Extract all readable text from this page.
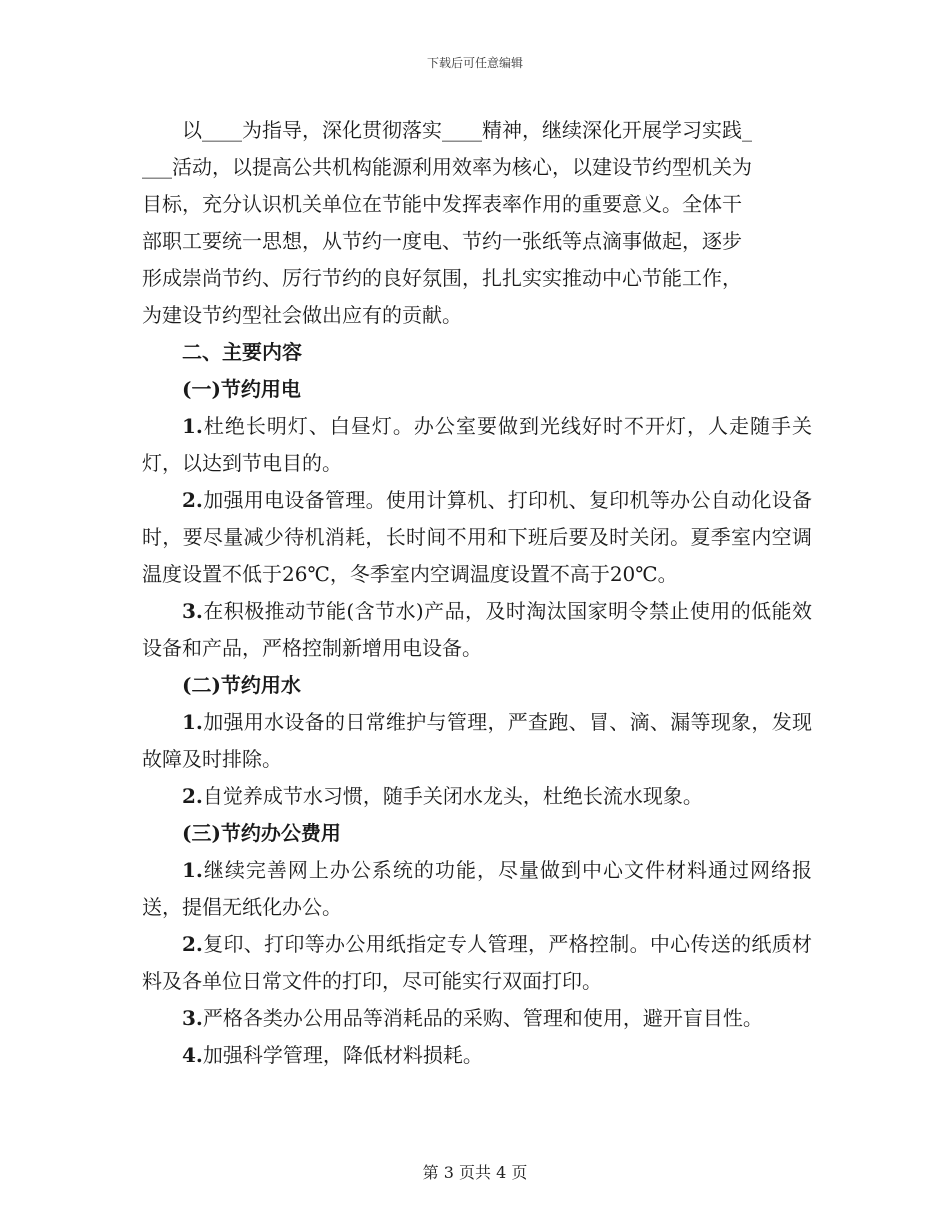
下载后可任意编辑

以____为指导，深化贯彻落实____精神，继续深化开展学习实践_

___活动，以提高公共机构能源利用效率为核心，以建设节约型机关为

目标，充分认识机关单位在节能中发挥表率作用的重要意义。全体干

部职工要统一思想，从节约一度电、节约一张纸等点滴事做起，逐步

形成崇尚节约、厉行节约的良好氛围，扎扎实实推动中心节能工作，

为建设节约型社会做出应有的贡献。

二、主要内容

(一)节约用电

1.杜绝长明灯、白昼灯。办公室要做到光线好时不开灯，人走随手关灯，以达到节电目的。

2.加强用电设备管理。使用计算机、打印机、复印机等办公自动化设备时，要尽量减少待机消耗，长时间不用和下班后要及时关闭。夏季室内空调温度设置不低于26℃，冬季室内空调温度设置不高于20℃。

3.在积极推动节能(含节水)产品，及时淘汰国家明令禁止使用的低能效设备和产品，严格控制新增用电设备。

(二)节约用水

1.加强用水设备的日常维护与管理，严查跑、冒、滴、漏等现象，发现故障及时排除。

2.自觉养成节水习惯，随手关闭水龙头，杜绝长流水现象。

(三)节约办公费用

1.继续完善网上办公系统的功能，尽量做到中心文件材料通过网络报送，提倡无纸化办公。

2.复印、打印等办公用纸指定专人管理，严格控制。中心传送的纸质材料及各单位日常文件的打印，尽可能实行双面打印。

3.严格各类办公用品等消耗品的采购、管理和使用，避开盲目性。

4.加强科学管理，降低材料损耗。

第 3 页共 4 页
